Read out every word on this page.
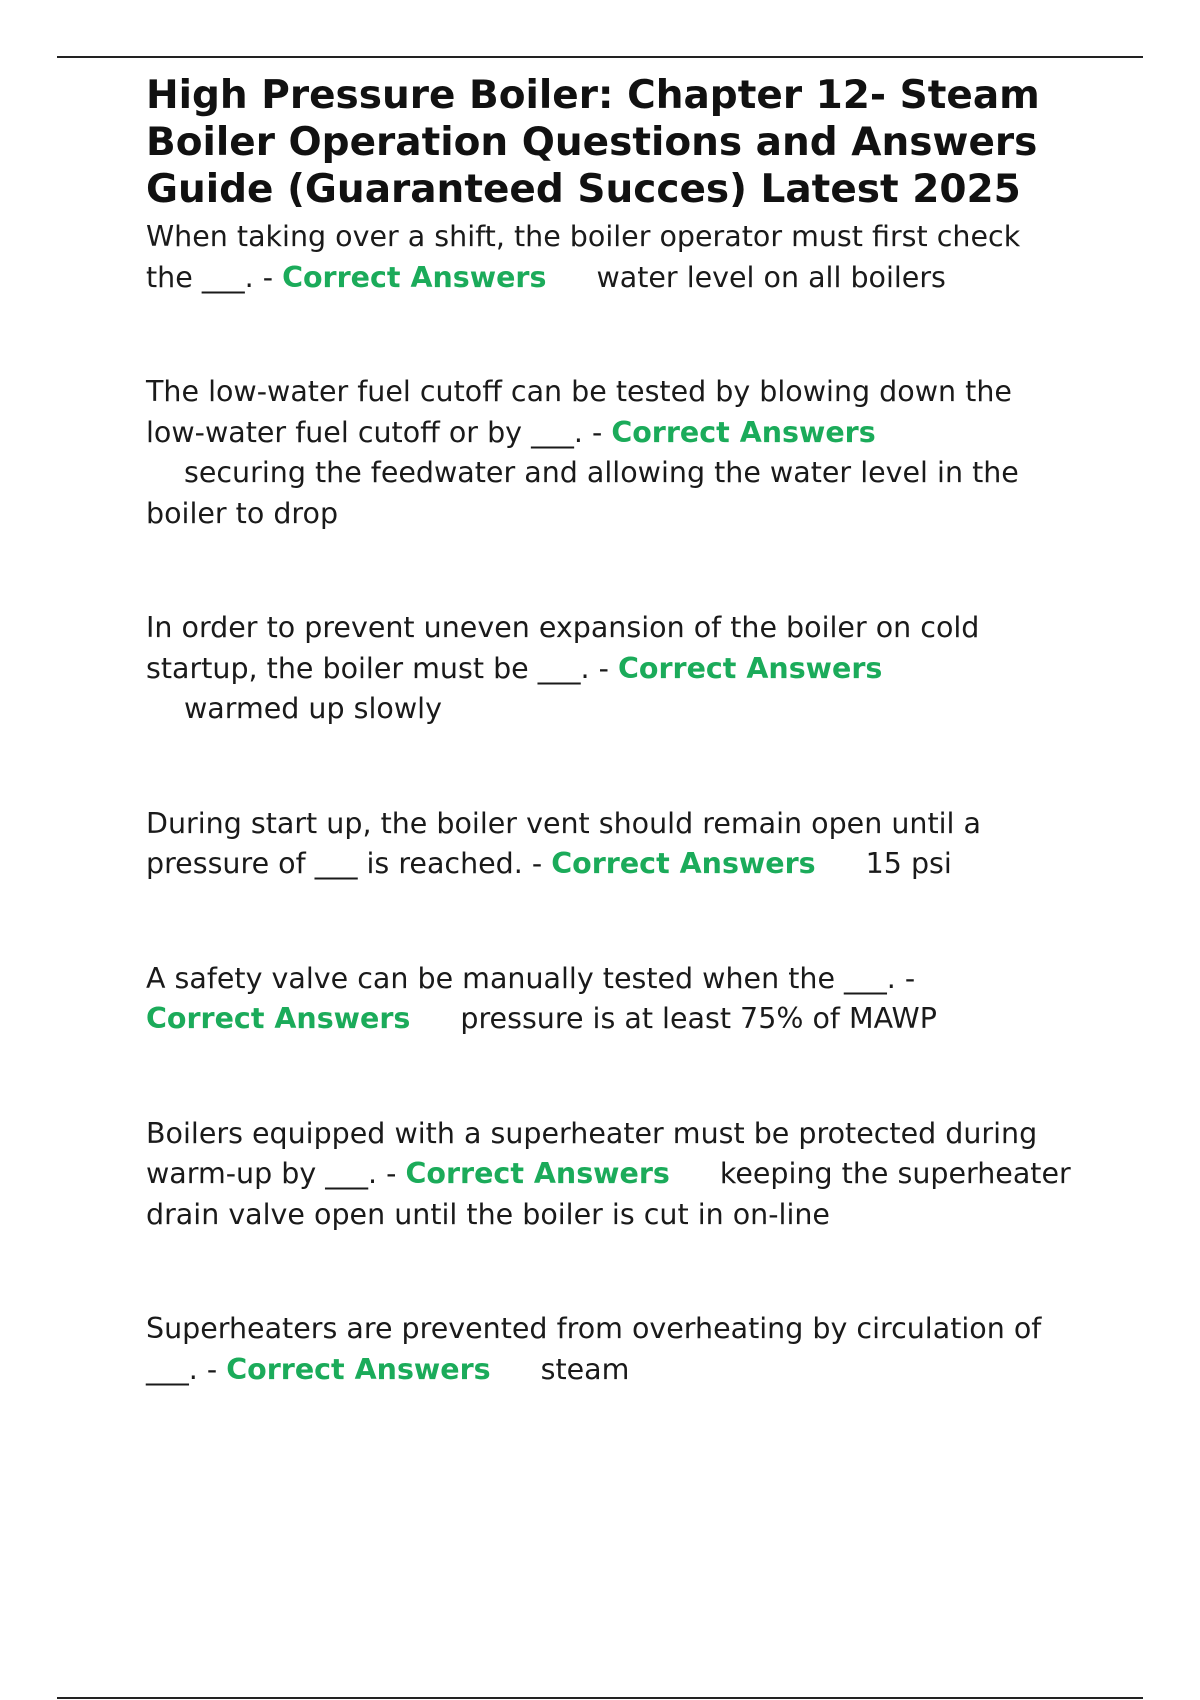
High Pressure Boiler: Chapter 12- Steam Boiler Operation Questions and Answers Guide (Guaranteed Succes) Latest 2025

When taking over a shift, the boiler operator must first check the ___. - Correct Answers water level on all boilers

The low-water fuel cutoff can be tested by blowing down the low-water fuel cutoff or by ___. - Correct Answers
securing the feedwater and allowing the water level in the boiler to drop

In order to prevent uneven expansion of the boiler on cold startup, the boiler must be ___. - Correct Answers
warmed up slowly

During start up, the boiler vent should remain open until a pressure of ___ is reached. - Correct Answers 15 psi

A safety valve can be manually tested when the ___. -
Correct Answers pressure is at least 75% of MAWP

Boilers equipped with a superheater must be protected during warm-up by ___. - Correct Answers keeping the superheater drain valve open until the boiler is cut in on-line

Superheaters are prevented from overheating by circulation of ___. - Correct Answers steam
